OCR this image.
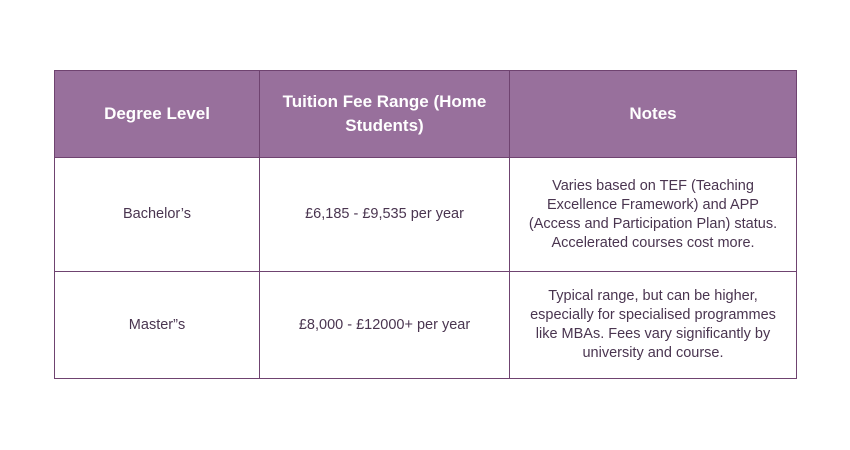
Degree Level	Tuition Fee Range (Home Students)	Notes
Bachelor’s	£6,185 - £9,535 per year	Varies based on TEF (Teaching Excellence Framework) and APP (Access and Participation Plan) status. Accelerated courses cost more.
Master”s	£8,000 - £12000+ per year	Typical range, but can be higher, especially for specialised programmes like MBAs. Fees vary significantly by university and course.
